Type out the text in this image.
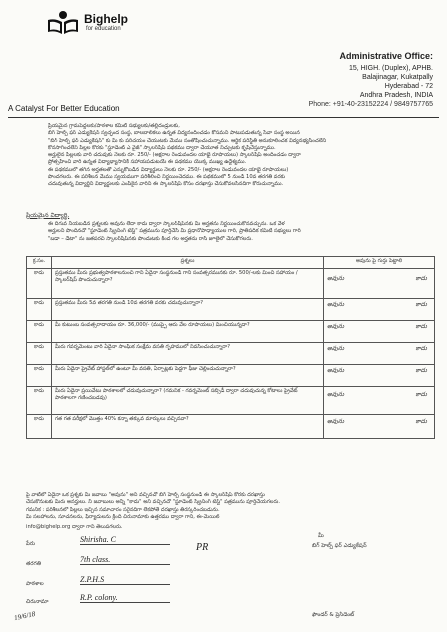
Bighelp
for education
A Catalyst For Better Education
Administrative Office:
15, HIGH. (Duplex), APHB.
Balajinagar, Kukatpally
Hyderabad - 72
Andhra Pradesh, INDIA
Phone: +91-40-23152224 / 9849757765
ప్రియమైన గ్రామపెద్దలకు/పాఠశాల కమిటీ సభ్యులకు/తల్లిదండ్రులకు,
బిగ్ హెల్ప్ ఫర్ ఎడ్యుకేషన్ స్వచ్ఛంద సంస్థ, బాలబాలికలు ఉన్నత విద్యనందించడం కోసమని పాటుపడుతున్న సేవా సంస్థ అయిన
"బిగ్ హెల్ప్ ఫర్ ఎడ్యుకేషన్" కు మీ కు పరిచయం చేయుటకు మేము సంతోషించుచున్నాము. ఆర్థిక పరిస్థితి అనుకూలించక విద్యనభ్యసించలేని
కొనసాగించలేని పిల్లల కొరకు "స్టూడెంట్ ఎ వైజ్" స్కాలర్‌షిప్ పథకము ద్వారా చేయూత నిచ్చుటకు కృషిచేస్తున్నాము.
అర్హులైన పిల్లలకు వారి చదువుకు నెలకు రూ. 250/- (అక్షరాల రెండువందల యాభై రూపాయలు) స్కాలర్‌షిప్ అందించడం ద్వారా
ప్రోత్సహించి వారి ఉన్నత విద్యాభ్యాసానికి సహాయపడుటయే ఈ పథకము యొక్క ముఖ్య ఉద్దేశ్యము.
ఈ పథకములో తగిన అర్హతలతో ఎన్నుకోబడిన విద్యార్థులు నెలకు రూ. 250/- (అక్షరాల రెండువందల యాభై రూపాయలు)
పొందగలరు. ఈ పరిశీలన మేము స్వయముగా పరిశీలించి నిర్ణయించెదము. ఈ పథకములో 5 నుండి 10వ తరగతి వరకు
చదువుతున్న విద్యార్థిని విద్యార్థులకు ఎంపికైన వారిని ఈ స్కాలర్‌షిప్ కోసం దరఖాస్తు చేసుకోవలసినదిగా కోరుచున్నాము.
ప్రియమైన విద్యార్థి,
ఈ దిగువ నీయబడిన ప్రశ్నలకు అవును లేదా కాదు ద్వారా స్కాలర్‌షిప్‌నకు మీ అర్హతను నిర్ణయించుకొనవచ్చును. ఒక వేళ
అర్హులని పొందినచో "స్టూడెంట్ స్క్రీనింగ్ టెస్ట్" పత్రమును పూర్తిచేసి మీ ప్రధానోపాధ్యాయుల గారి, ప్రాతిపదిక కమిటీ సభ్యులు గారి
"బడా – డేటా" ను జతపరచి స్కాలర్‌షిప్‌నకు పొందుటకు కింద గల అర్హతను రాసి జూలైలో చేసుకోగలరు.
క్ర.సం.	ప్రశ్నలు	అవును పై గుర్తు పెట్టాలి
కాదు	ప్రస్తుతము మీరు ప్రభుత్వపాఠశాలనుంచి గాని ఏదైనా సంస్థనుండి గాని సంవత్సరమునకు రూ. 500/-లకు మించి సహాయం / స్కాలర్‌షిప్ పొందుచున్నారా?	అవును కాదు

కాదు	ప్రస్తుతము మీరు 5వ తరగతి నుండి 10వ తరగతి వరకు చదువుచున్నారా?	అవును కాదు

కాదు	మీ కుటుంబ సంవత్సరాదాయం రూ. 36,000/- (ముప్పై ఆరు వేల రూపాయలు) మించియున్నదా?	అవును కాదు

కాదు	మీరు గవర్నమెంటు వారి ఏదైనా సాంఘిక సంక్షేమ వసతి గృహములో నివసించుచున్నారా?	అవును కాదు

కాదు	మీరు ఏదైనా ప్రైవేట్ హాస్టల్‌లో ఉంటూ మీ వసతి, ఏర్పాట్లకు పెద్దగా ఫీజు చెల్లించుచున్నారా?	అవును కాదు

కాదు	మీరు ఏదైనా ప్రయివేటు పాఠశాలలో చదువుచున్నారా? (గమనిక - గవర్నమెంట్ సబ్సిడీ ద్వారా చదువుచున్న కోటాలు ప్రైవేట్ పాఠశాలగా గణించబడవు)	అవును కాదు

కాదు	గత గత పరీక్షలో మొత్తం 40% కన్నా తక్కువ మార్కులు వచ్చినవా?	అవును కాదు
పై వాటిలో ఏదైనా ఒక ప్రశ్నకు మీ జవాబు "అవును" అని వచ్చినచో బిగ్ హెల్ప్ సంస్థనుండి ఈ స్కాలర్‌షిప్ కొరకు దరఖాస్తు
చేసుకొనుటకు మీరు అనర్హులు. నీ జవాబులు అన్నీ "కాదు" అని వచ్చినచో "స్టూడెంట్ స్క్రీనింగ్ టెస్ట్" పత్రమును పూర్తిచేయగలరు.
గమనిక : పరిశీలనలో పిల్లలు ఇచ్చిన సమాచారం సరైనదిగా లేకపోతే దరఖాస్తు తిరస్కరించబడును.
మీ సలహాలను, సూచనలను, ఫిర్యాదులను క్రింది చిరునామాకు ఉత్తరము ద్వారా గాని, ఈ-మెయిల్
info@bighelp.org ద్వారా గాని తెలుపగలరు.
పేరు	Shirisha. C
తరగతి	7th class.
పాఠశాల	Z.P.H.S
చిరునామా	R.P. colony.
PR
మీ
బిగ్ హెల్ప్ ఫర్ ఎడ్యుకేషన్
ఫౌండర్ & ప్రెసిడెంట్
19/6/18
